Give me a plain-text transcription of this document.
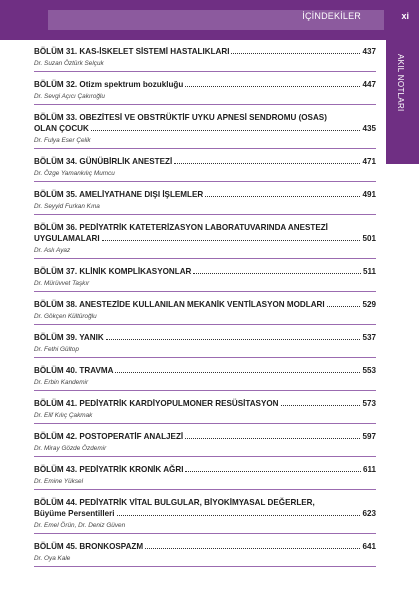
İÇİNDEKİLER	xi
AKIL NOTLARI
BÖLÜM 31. KAS-İSKELET SİSTEMİ HASTALIKLARI	437
Dr. Suzan Öztürk Selçuk
BÖLÜM 32. Otizm spektrum bozukluğu	447
Dr. Sevgi Açıcı Çakıroğlu
BÖLÜM 33. OBEZİTESİ VE OBSTRÜKTİF UYKU APNESİ SENDROMU (OSAS)
OLAN ÇOCUK	435
Dr. Fulya Eser Çelik
BÖLÜM 34. GÜNÜBİRLİK ANESTEZİ	471
Dr. Özge Yamankılıç Mumcu
BÖLÜM 35. AMELİYATHANE DIŞI İŞLEMLER	491
Dr. Seyyid Furkan Kına
BÖLÜM 36. PEDİYATRİK KATETERİZASYON LABORATUVARINDA ANESTEZİ
UYGULAMALARI	501
Dr. Aslı Ayaz
BÖLÜM 37. KLİNİK KOMPLİKASYONLAR	511
Dr. Mürüvvet Taşkır
BÖLÜM 38. ANESTEZİDE KULLANILAN MEKANİK VENTİLASYON MODLARI	529
Dr. Gökçen Kültüroğlu
BÖLÜM 39. YANIK	537
Dr. Fethi Gültop
BÖLÜM 40. TRAVMA	553
Dr. Erbin Kandemir
BÖLÜM 41. PEDİYATRİK KARDİYOPULMONER RESÜSİTASYON	573
Dr. Elif Kılıç Çakmak
BÖLÜM 42. POSTOPERATİF ANALJEZİ	597
Dr. Miray Gözde Özdemir
BÖLÜM 43. PEDİYATRİK KRONİK AĞRI	611
Dr. Emine Yüksel
BÖLÜM 44. PEDİYATRİK VİTAL BULGULAR, BİYOKİMYASAL DEĞERLER,
Büyüme Persentilleri	623
Dr. Emel Örün, Dr. Deniz Güven
BÖLÜM 45. BRONKOSPAZM	641
Dr. Oya Kale
